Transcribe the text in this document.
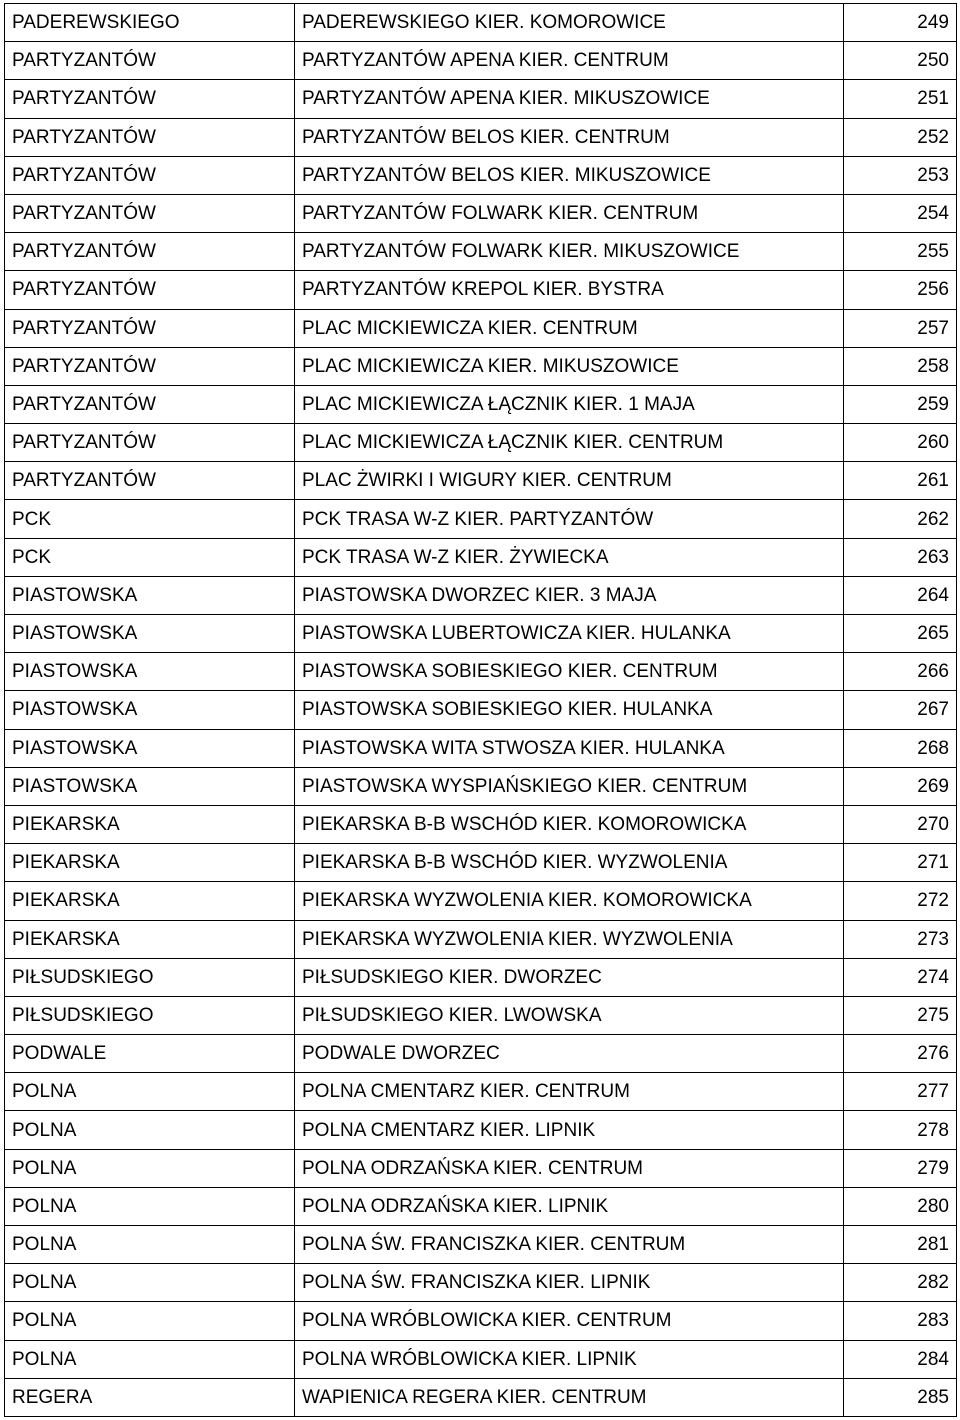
PADEREWSKIEGO	PADEREWSKIEGO KIER. KOMOROWICE	249
PARTYZANTÓW	PARTYZANTÓW APENA KIER. CENTRUM	250
PARTYZANTÓW	PARTYZANTÓW APENA KIER. MIKUSZOWICE	251
PARTYZANTÓW	PARTYZANTÓW BELOS KIER. CENTRUM	252
PARTYZANTÓW	PARTYZANTÓW BELOS KIER. MIKUSZOWICE	253
PARTYZANTÓW	PARTYZANTÓW FOLWARK KIER. CENTRUM	254
PARTYZANTÓW	PARTYZANTÓW FOLWARK KIER. MIKUSZOWICE	255
PARTYZANTÓW	PARTYZANTÓW KREPOL KIER. BYSTRA	256
PARTYZANTÓW	PLAC MICKIEWICZA KIER. CENTRUM	257
PARTYZANTÓW	PLAC MICKIEWICZA KIER. MIKUSZOWICE	258
PARTYZANTÓW	PLAC MICKIEWICZA ŁĄCZNIK KIER. 1 MAJA	259
PARTYZANTÓW	PLAC MICKIEWICZA ŁĄCZNIK KIER. CENTRUM	260
PARTYZANTÓW	PLAC ŻWIRKI I WIGURY KIER. CENTRUM	261
PCK	PCK TRASA W-Z KIER. PARTYZANTÓW	262
PCK	PCK TRASA W-Z KIER. ŻYWIECKA	263
PIASTOWSKA	PIASTOWSKA DWORZEC KIER. 3 MAJA	264
PIASTOWSKA	PIASTOWSKA LUBERTOWICZA KIER. HULANKA	265
PIASTOWSKA	PIASTOWSKA SOBIESKIEGO KIER. CENTRUM	266
PIASTOWSKA	PIASTOWSKA SOBIESKIEGO KIER. HULANKA	267
PIASTOWSKA	PIASTOWSKA WITA STWOSZA KIER. HULANKA	268
PIASTOWSKA	PIASTOWSKA WYSPIAŃSKIEGO KIER. CENTRUM	269
PIEKARSKA	PIEKARSKA B-B WSCHÓD KIER. KOMOROWICKA	270
PIEKARSKA	PIEKARSKA B-B WSCHÓD KIER. WYZWOLENIA	271
PIEKARSKA	PIEKARSKA WYZWOLENIA KIER. KOMOROWICKA	272
PIEKARSKA	PIEKARSKA WYZWOLENIA KIER. WYZWOLENIA	273
PIŁSUDSKIEGO	PIŁSUDSKIEGO KIER. DWORZEC	274
PIŁSUDSKIEGO	PIŁSUDSKIEGO KIER. LWOWSKA	275
PODWALE	PODWALE DWORZEC	276
POLNA	POLNA CMENTARZ KIER. CENTRUM	277
POLNA	POLNA CMENTARZ KIER. LIPNIK	278
POLNA	POLNA ODRZAŃSKA KIER. CENTRUM	279
POLNA	POLNA ODRZAŃSKA KIER. LIPNIK	280
POLNA	POLNA ŚW. FRANCISZKA KIER. CENTRUM	281
POLNA	POLNA ŚW. FRANCISZKA KIER. LIPNIK	282
POLNA	POLNA WRÓBLOWICKA KIER. CENTRUM	283
POLNA	POLNA WRÓBLOWICKA KIER. LIPNIK	284
REGERA	WAPIENICA REGERA KIER. CENTRUM	285
